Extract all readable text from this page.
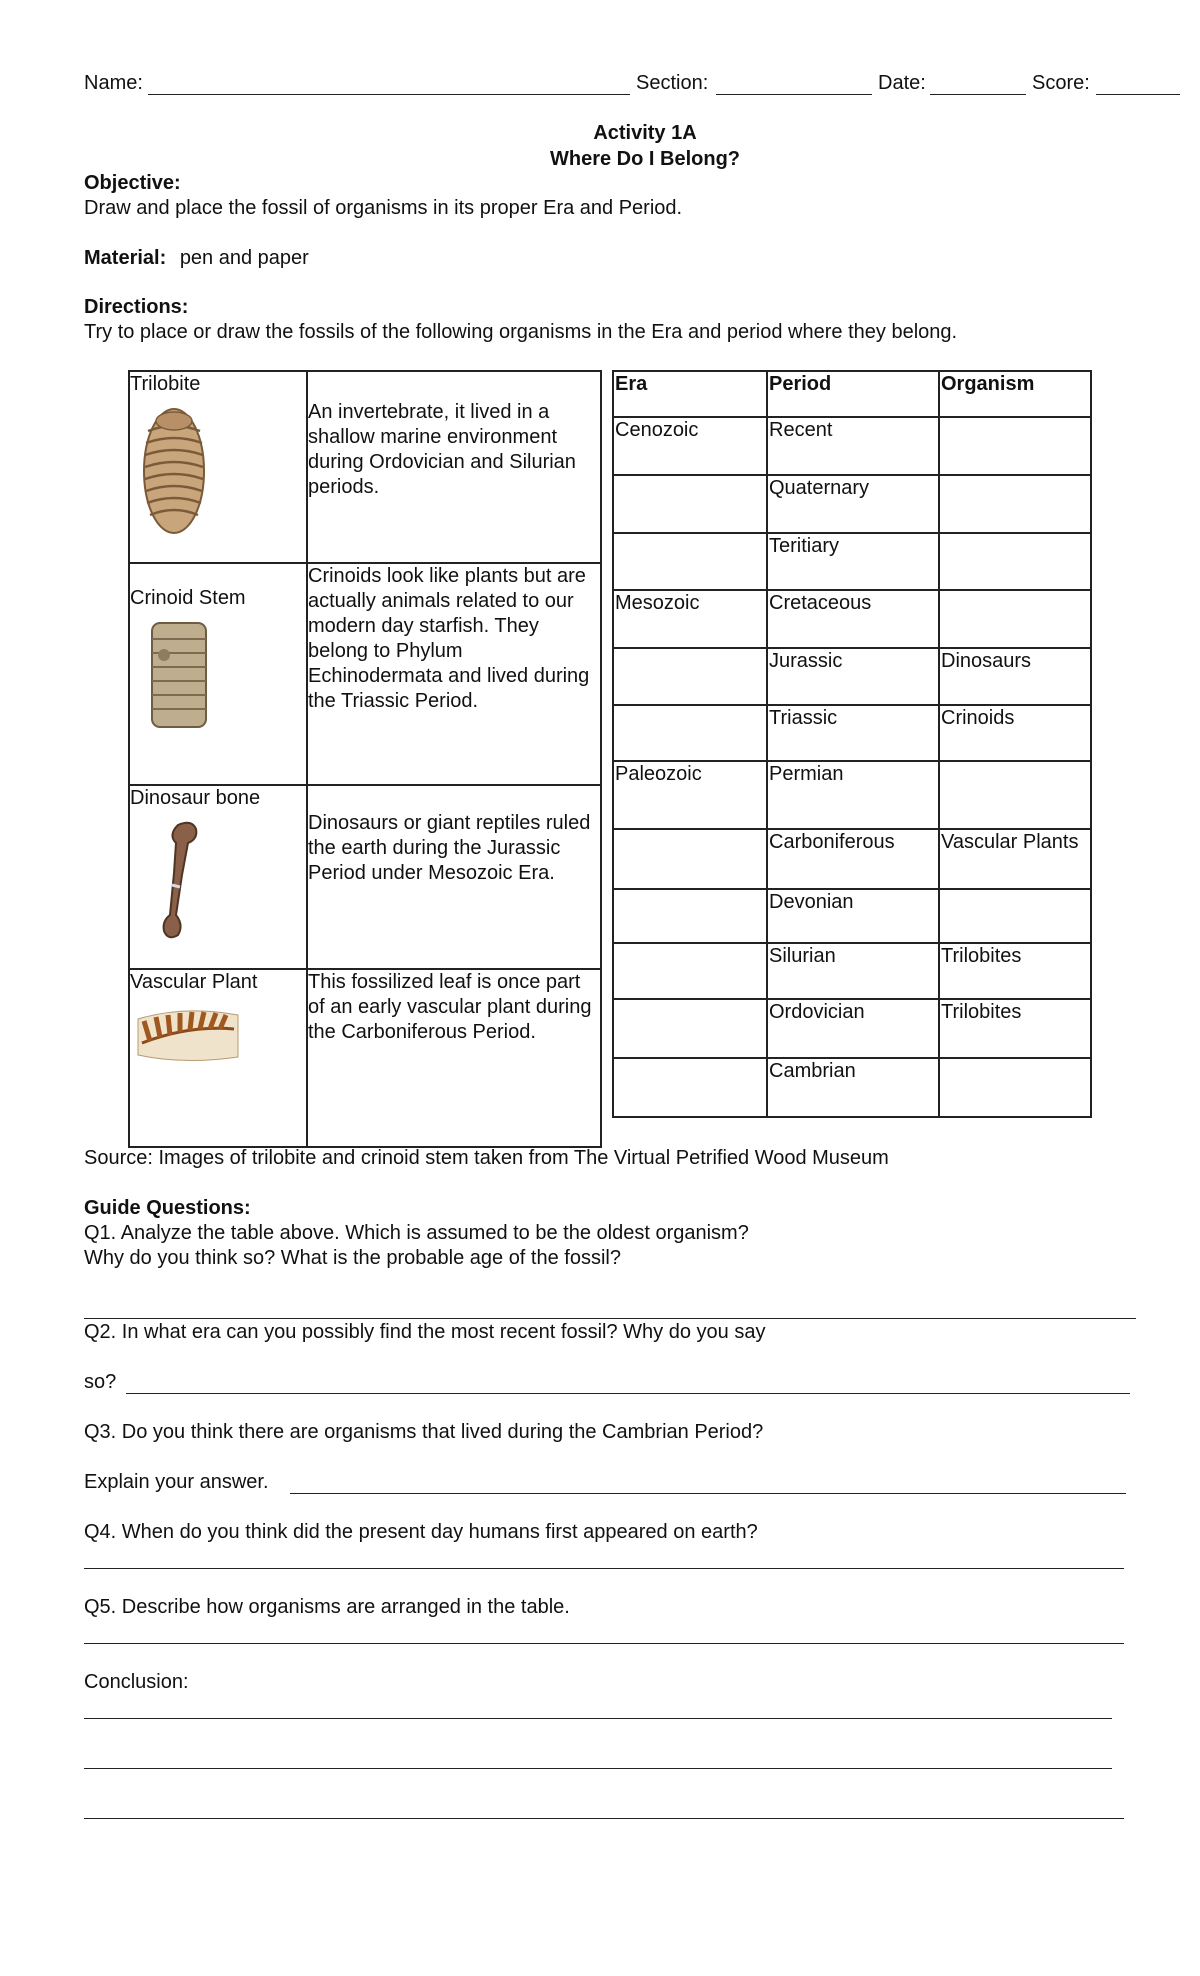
Name:	Section:	Date:	Score:
Activity 1A
Where Do I Belong?
Objective:
Draw and place the fossil of organisms in its proper Era and Period.
Material: pen and paper
Directions:
Try to place or draw the fossils of the following organisms in the Era and period where they belong.
Trilobite	An invertebrate, it lived in a shallow marine environment during Ordovician and Silurian periods.

Crinoid Stem	Crinoids look like plants but are actually animals related to our modern day starfish. They belong to Phylum Echinodermata and lived during the Triassic Period.

Dinosaur bone	Dinosaurs or giant reptiles ruled the earth during the Jurassic Period under Mesozoic Era.

Vascular Plant	This fossilized leaf is once part of an early vascular plant during the Carboniferous Period.
Era	Period	Organism
Cenozoic	Recent	
	Quaternary	
	Teritiary	
Mesozoic	Cretaceous	
	Jurassic	Dinosaurs
	Triassic	Crinoids
Paleozoic	Permian	
	Carboniferous	Vascular Plants
	Devonian	
	Silurian	Trilobites
	Ordovician	Trilobites
	Cambrian	
Source: Images of trilobite and crinoid stem taken from The Virtual Petrified Wood Museum
Guide Questions:
Q1. Analyze the table above. Which is assumed to be the oldest organism?
Why do you think so? What is the probable age of the fossil?
Q2. In what era can you possibly find the most recent fossil? Why do you say
so?
Q3. Do you think there are organisms that lived during the Cambrian Period?
Explain your answer.
Q4. When do you think did the present day humans first appeared on earth?
Q5. Describe how organisms are arranged in the table.
Conclusion:
